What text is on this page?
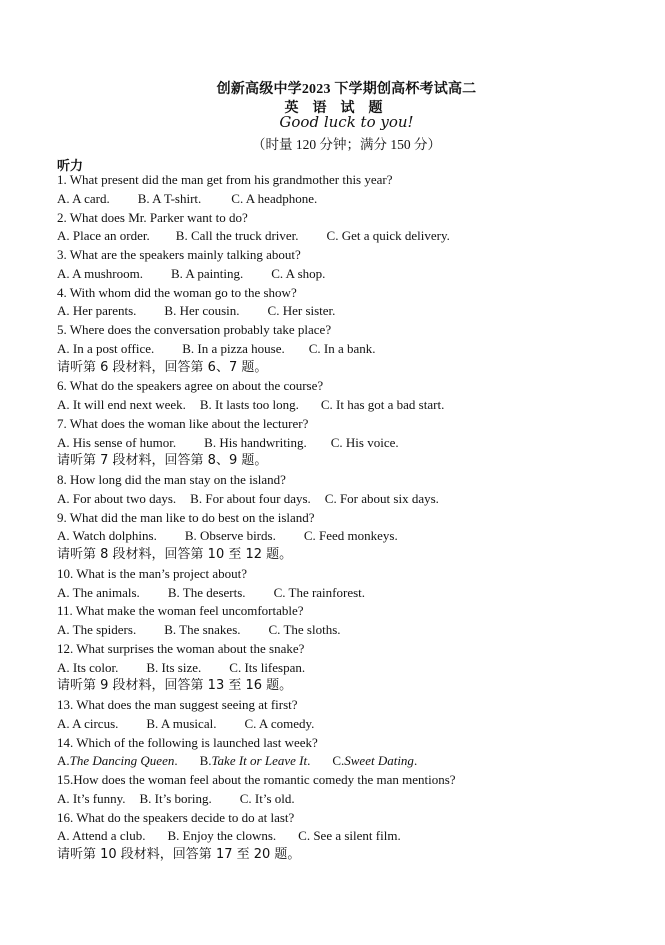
创新高级中学2023 下学期创高杯考试高二
英语试题
Good luck to you!
（时量 120 分钟；满分 150 分）
听力
1. What present did the man get from his grandmother this year?
A. A card. B. A T-shirt. C. A headphone.
2. What does Mr. Parker want to do?
A. Place an order. B. Call the truck driver. C. Get a quick delivery.
3. What are the speakers mainly talking about?
A. A mushroom. B. A painting. C. A shop.
4. With whom did the woman go to the show?
A. Her parents. B. Her cousin. C. Her sister.
5. Where does the conversation probably take place?
A. In a post office. B. In a pizza house. C. In a bank.
请听第 6 段材料，回答第 6、7 题。
6. What do the speakers agree on about the course?
A. It will end next week. B. It lasts too long. C. It has got a bad start.
7. What does the woman like about the lecturer?
A. His sense of humor. B. His handwriting. C. His voice.
请听第 7 段材料，回答第 8、9 题。
8. How long did the man stay on the island?
A. For about two days. B. For about four days. C. For about six days.
9. What did the man like to do best on the island?
A. Watch dolphins. B. Observe birds. C. Feed monkeys.
请听第 8 段材料，回答第 10 至 12 题。
10. What is the man’s project about?
A. The animals. B. The deserts. C. The rainforest.
11. What make the woman feel uncomfortable?
A. The spiders. B. The snakes. C. The sloths.
12. What surprises the woman about the snake?
A. Its color. B. Its size. C. Its lifespan.
请听第 9 段材料，回答第 13 至 16 题。
13. What does the man suggest seeing at first?
A. A circus. B. A musical. C. A comedy.
14. Which of the following is launched last week?
A.The Dancing Queen. B.Take It or Leave It. C.Sweet Dating.
15.How does the woman feel about the romantic comedy the man mentions?
A. It’s funny. B. It’s boring. C. It’s old.
16. What do the speakers decide to do at last?
A. Attend a club. B. Enjoy the clowns. C. See a silent film.
请听第 10 段材料，回答第 17 至 20 题。
